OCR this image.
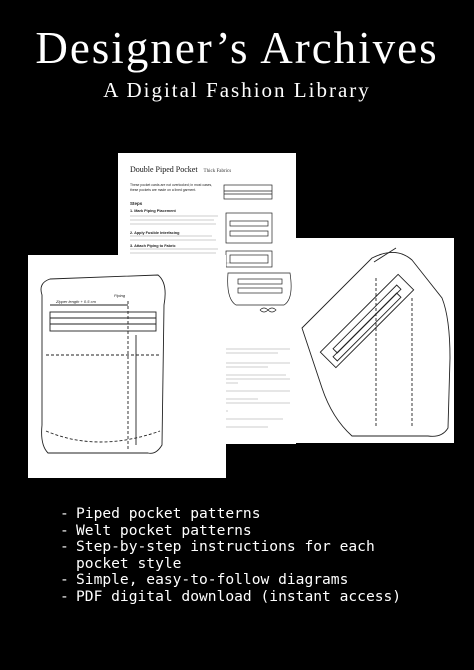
Designer’s Archives
A Digital Fashion Library
Double Piped Pocket Thick Fabrics
These pocket cards are not overlooked; in most cases, these pockets are made on a lined garment.
Steps
1. Mark Piping Placement
2. Apply Fusible Interfacing
3. Attach Piping to Fabric
Zipper length + 0.5 cm
Piping
- Piped pocket patterns
- Welt pocket patterns
- Step-by-step instructions for each pocket style
- Simple, easy-to-follow diagrams
- PDF digital download (instant access)
